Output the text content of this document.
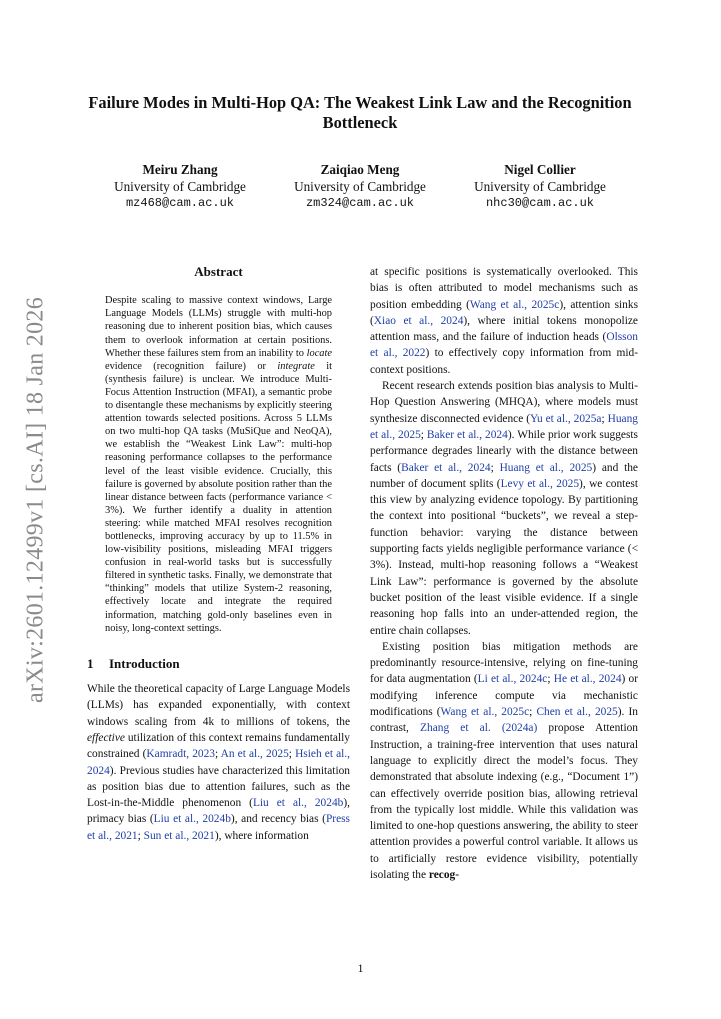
arXiv:2601.12499v1 [cs.AI] 18 Jan 2026
Failure Modes in Multi-Hop QA: The Weakest Link Law and the Recognition Bottleneck
Meiru Zhang
University of Cambridge
mz468@cam.ac.uk
Zaiqiao Meng
University of Cambridge
zm324@cam.ac.uk
Nigel Collier
University of Cambridge
nhc30@cam.ac.uk
Abstract

Despite scaling to massive context windows, Large Language Models (LLMs) struggle with multi-hop reasoning due to inherent position bias, which causes them to overlook information at certain positions. Whether these failures stem from an inability to locate evidence (recognition failure) or integrate it (synthesis failure) is unclear. We introduce Multi-Focus Attention Instruction (MFAI), a semantic probe to disentangle these mechanisms by explicitly steering attention towards selected positions. Across 5 LLMs on two multi-hop QA tasks (MuSiQue and NeoQA), we establish the “Weakest Link Law”: multi-hop reasoning performance collapses to the performance level of the least visible evidence. Crucially, this failure is governed by absolute position rather than the linear distance between facts (performance variance < 3%). We further identify a duality in attention steering: while matched MFAI resolves recognition bottlenecks, improving accuracy by up to 11.5% in low-visibility positions, misleading MFAI triggers confusion in real-world tasks but is successfully filtered in synthetic tasks. Finally, we demonstrate that “thinking” models that utilize System-2 reasoning, effectively locate and integrate the required information, matching gold-only baselines even in noisy, long-context settings.

1 Introduction

While the theoretical capacity of Large Language Models (LLMs) has expanded exponentially, with context windows scaling from 4k to millions of tokens, the effective utilization of this context remains fundamentally constrained (Kamradt, 2023; An et al., 2025; Hsieh et al., 2024). Previous studies have characterized this limitation as position bias due to attention failures, such as the Lost-in-the-Middle phenomenon (Liu et al., 2024b), primacy bias (Liu et al., 2024b), and recency bias (Press et al., 2021; Sun et al., 2021), where information

at specific positions is systematically overlooked. This bias is often attributed to model mechanisms such as position embedding (Wang et al., 2025c), attention sinks (Xiao et al., 2024), where initial tokens monopolize attention mass, and the failure of induction heads (Olsson et al., 2022) to effectively copy information from mid-context positions.

Recent research extends position bias analysis to Multi-Hop Question Answering (MHQA), where models must synthesize disconnected evidence (Yu et al., 2025a; Huang et al., 2025; Baker et al., 2024). While prior work suggests performance degrades linearly with the distance between facts (Baker et al., 2024; Huang et al., 2025) and the number of document splits (Levy et al., 2025), we contest this view by analyzing evidence topology. By partitioning the context into positional “buckets”, we reveal a step-function behavior: varying the distance between supporting facts yields negligible performance variance (< 3%). Instead, multi-hop reasoning follows a “Weakest Link Law”: performance is governed by the absolute bucket position of the least visible evidence. If a single reasoning hop falls into an under-attended region, the entire chain collapses.

Existing position bias mitigation methods are predominantly resource-intensive, relying on fine-tuning for data augmentation (Li et al., 2024c; He et al., 2024) or modifying inference compute via mechanistic modifications (Wang et al., 2025c; Chen et al., 2025). In contrast, Zhang et al. (2024a) propose Attention Instruction, a training-free intervention that uses natural language to explicitly direct the model’s focus. They demonstrated that absolute indexing (e.g., “Document 1”) can effectively override position bias, allowing retrieval from the typically lost middle. While this validation was limited to one-hop questions answering, the ability to steer attention provides a powerful control variable. It allows us to artificially restore evidence visibility, potentially isolating the recog-

1
